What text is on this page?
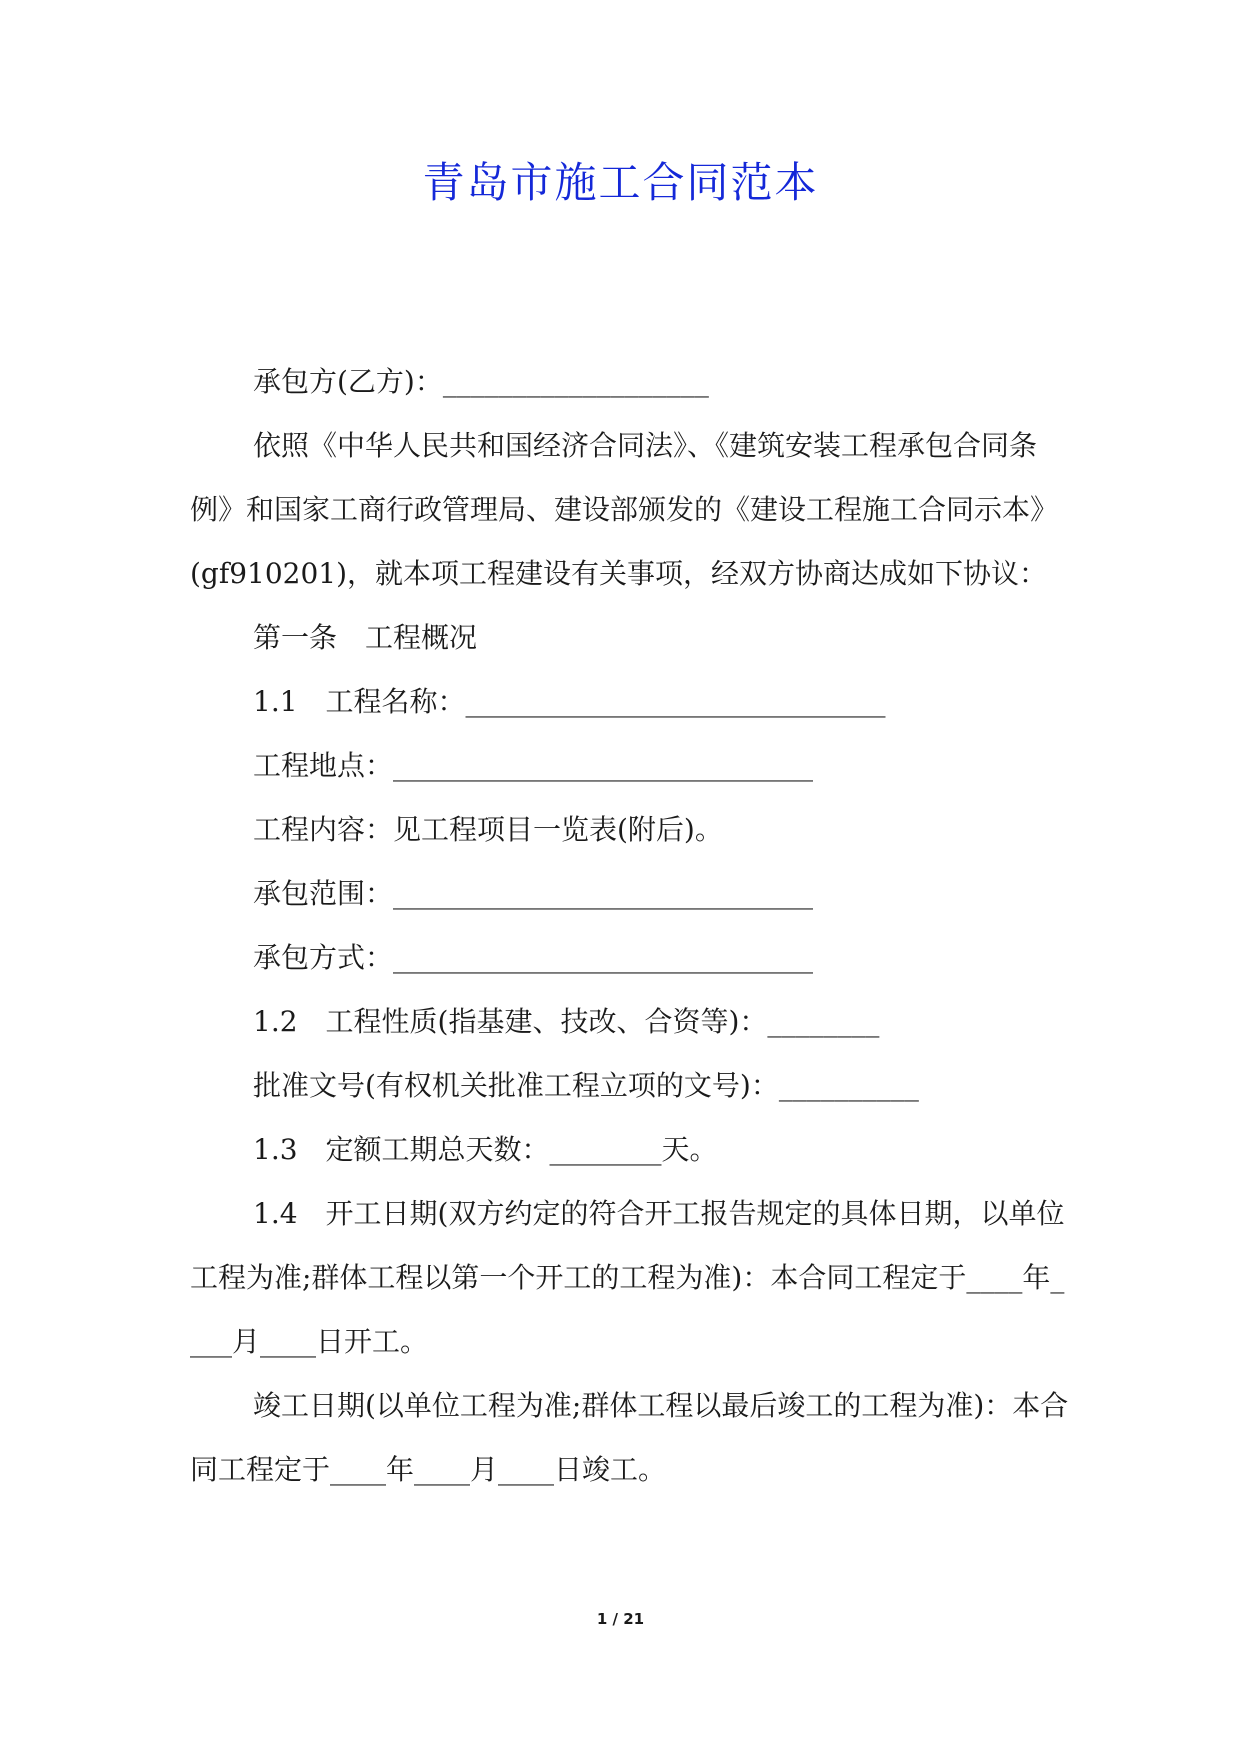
青岛市施工合同范本

承包方(乙方)：___________________

依照《中华人民共和国经济合同法》、《建筑安装工程承包合同条例》和国家工商行政管理局、建设部颁发的《建设工程施工合同示本》(gf910201)，就本项工程建设有关事项，经双方协商达成如下协议：

第一条　工程概况

1.1　工程名称：______________________________

工程地点：______________________________

工程内容：见工程项目一览表(附后)。

承包范围：______________________________

承包方式：______________________________

1.2　工程性质(指基建、技改、合资等)：________

批准文号(有权机关批准工程立项的文号)：__________

1.3　定额工期总天数：________天。

1.4　开工日期(双方约定的符合开工报告规定的具体日期，以单位工程为准;群体工程以第一个开工的工程为准)：本合同工程定于____年____月____日开工。

竣工日期(以单位工程为准;群体工程以最后竣工的工程为准)：本合同工程定于____年____月____日竣工。

1 / 21
